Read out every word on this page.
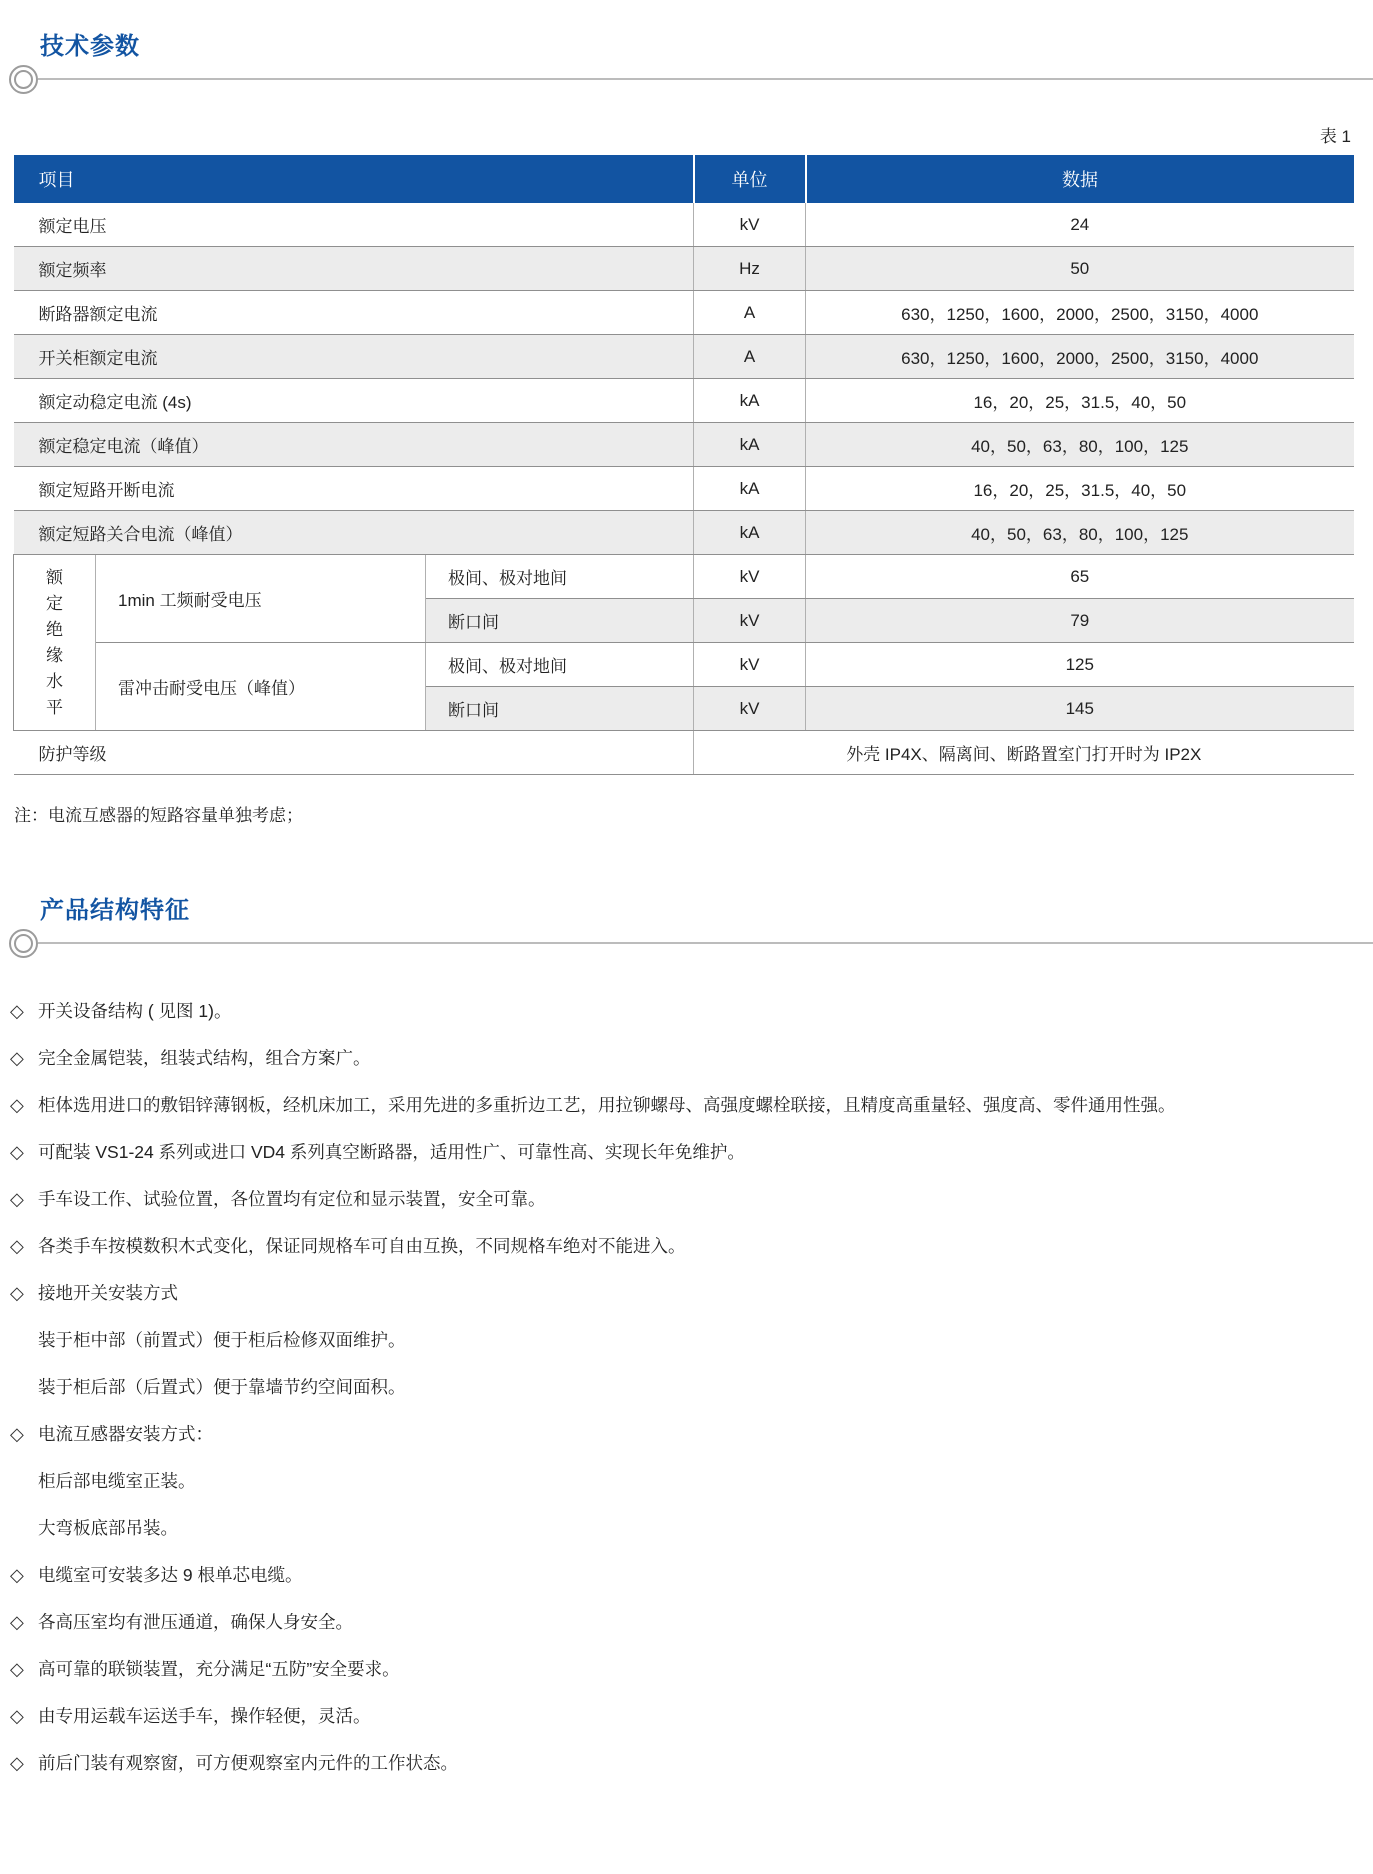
技术参数
表 1
项目			单位	数据
额定电压			kV	24
额定频率			Hz	50
断路器额定电流			A	630，1250，1600，2000，2500，3150，4000
开关柜额定电流			A	630，1250，1600，2000，2500，3150，4000
额定动稳定电流 (4s)			kA	16，20，25，31.5，40，50
额定稳定电流（峰值）			kA	40，50，63，80，100，125
额定短路开断电流			kA	16，20，25，31.5，40，50
额定短路关合电流（峰值）			kA	40，50，63，80，100，125

额定绝缘水平	1min 工频耐受电压	极间、极对地间	kV	65
		断口间	kV	79
	雷冲击耐受电压（峰值）	极间、极对地间	kV	125
		断口间	kV	145
防护等级			外壳 IP4X、隔离间、断路置室门打开时为 IP2X	
注：电流互感器的短路容量单独考虑；
产品结构特征
◇ 开关设备结构 ( 见图 1)。
◇ 完全金属铠装，组装式结构，组合方案广。
◇ 柜体选用进口的敷铝锌薄钢板，经机床加工，采用先进的多重折边工艺，用拉铆螺母、高强度螺栓联接，且精度高重量轻、强度高、零件通用性强。
◇ 可配装 VS1-24 系列或进口 VD4 系列真空断路器，适用性广、可靠性高、实现长年免维护。
◇ 手车设工作、试验位置，各位置均有定位和显示装置，安全可靠。
◇ 各类手车按模数积木式变化，保证同规格车可自由互换，不同规格车绝对不能进入。
◇ 接地开关安装方式
装于柜中部（前置式）便于柜后检修双面维护。
装于柜后部（后置式）便于靠墙节约空间面积。
◇ 电流互感器安装方式：
柜后部电缆室正装。
大弯板底部吊装。
◇ 电缆室可安装多达 9 根单芯电缆。
◇ 各高压室均有泄压通道，确保人身安全。
◇ 高可靠的联锁装置，充分满足“五防”安全要求。
◇ 由专用运载车运送手车，操作轻便，灵活。
◇ 前后门装有观察窗，可方便观察室内元件的工作状态。
